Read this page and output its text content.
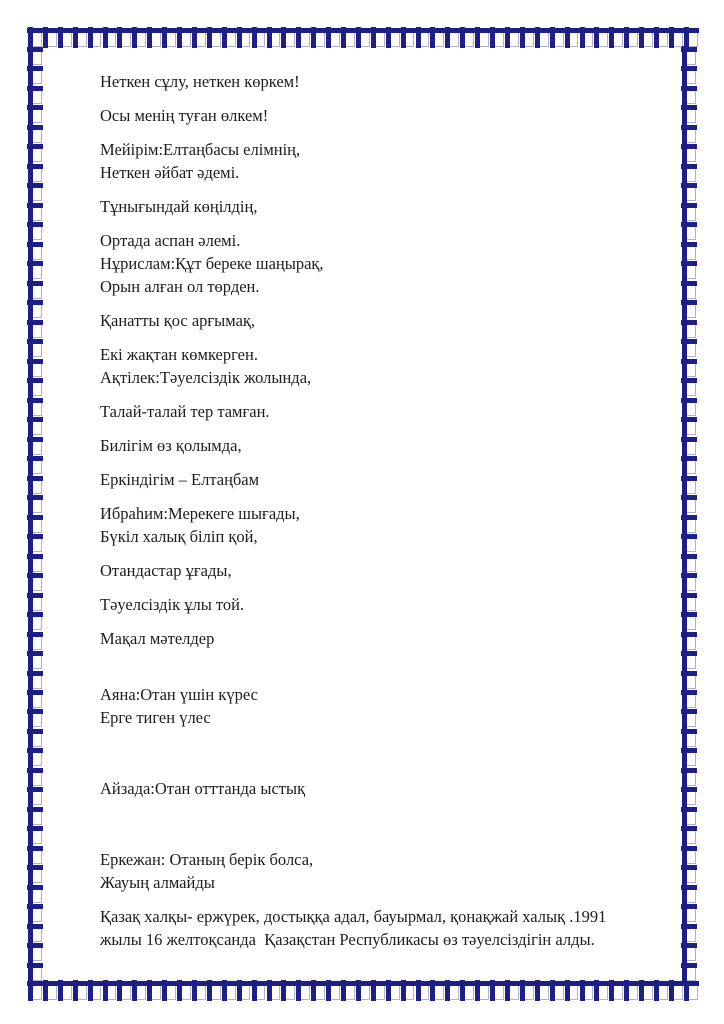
Неткен сұлу, неткен көркем!
Осы менің туған өлкем!
Мейірім:Елтаңбасы елімнің,
Неткен әйбат әдемі.
Тұнығындай көңілдің,
Ортада аспан әлемі.
Нұрислам:Құт береке шаңырақ,
Орын алған ол төрден.
Қанатты қос арғымақ,
Екі жақтан көмкерген.
Ақтілек:Тәуелсіздік жолында,
Талай-талай тер тамған.
Билігім өз қолымда,
Еркіндігім – Елтаңбам
Ибраһим:Мерекеге шығады,
Бүкіл халық біліп қой,
Отандастар ұғады,
Тәуелсіздік ұлы той.
Мақал мәтелдер
Аяна:Отан үшін күрес
Ерге тиген үлес
Айзада:Отан отттанда ыстық
Еркежан: Отаның берік болса,
Жауың алмайды
Қазақ халқы- ержүрек, достыққа адал, бауырмал, қонақжай халық .1991
жылы 16 желтоқсанда  Қазақстан Республикасы өз тәуелсіздігін алды.
